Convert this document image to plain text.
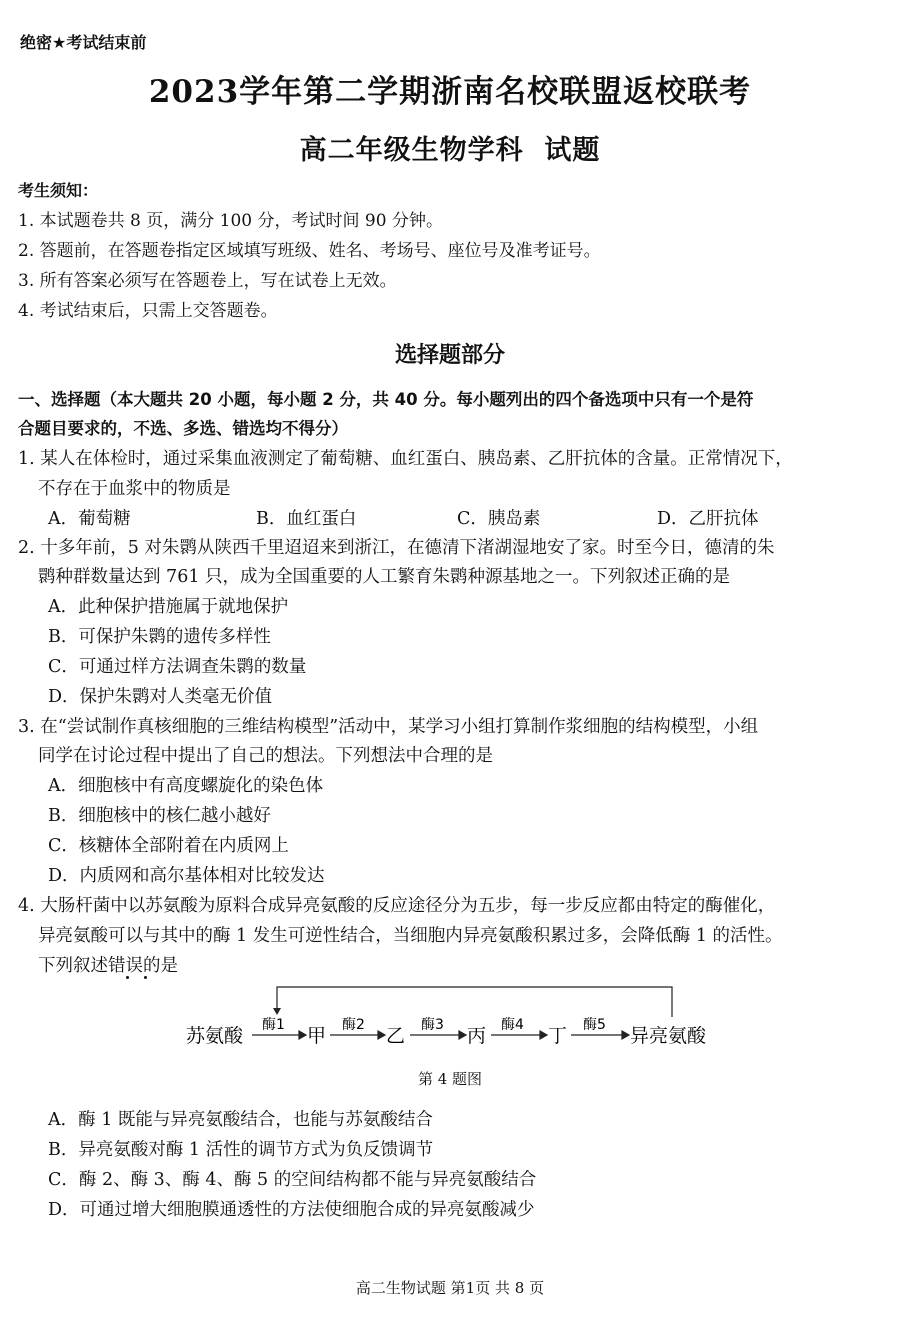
绝密★考试结束前
2023学年第二学期浙南名校联盟返校联考
高二年级生物学科  试题
考生须知：
1. 本试题卷共 8 页，满分 100 分，考试时间 90 分钟。
2. 答题前，在答题卷指定区域填写班级、姓名、考场号、座位号及准考证号。
3. 所有答案必须写在答题卷上，写在试卷上无效。
4. 考试结束后，只需上交答题卷。
选择题部分
一、选择题（本大题共 20 小题，每小题 2 分，共 40 分。每小题列出的四个备选项中只有一个是符
合题目要求的，不选、多选、错选均不得分）
1. 某人在体检时，通过采集血液测定了葡萄糖、血红蛋白、胰岛素、乙肝抗体的含量。正常情况下，
不存在于血浆中的物质是
A．葡萄糖	B．血红蛋白	C．胰岛素	D．乙肝抗体
2. 十多年前，5 对朱鹮从陕西千里迢迢来到浙江，在德清下渚湖湿地安了家。时至今日，德清的朱
鹮种群数量达到 761 只，成为全国重要的人工繁育朱鹮种源基地之一。下列叙述正确的是
A．此种保护措施属于就地保护
B．可保护朱鹮的遗传多样性
C．可通过样方法调查朱鹮的数量
D．保护朱鹮对人类毫无价值
3. 在“尝试制作真核细胞的三维结构模型”活动中，某学习小组打算制作浆细胞的结构模型，小组
同学在讨论过程中提出了自己的想法。下列想法中合理的是
A．细胞核中有高度螺旋化的染色体
B．细胞核中的核仁越小越好
C．核糖体全部附着在内质网上
D．内质网和高尔基体相对比较发达
4. 大肠杆菌中以苏氨酸为原料合成异亮氨酸的反应途径分为五步，每一步反应都由特定的酶催化，
异亮氨酸可以与其中的酶 1 发生可逆性结合，当细胞内异亮氨酸积累过多，会降低酶 1 的活性。
下列叙述错误的是
苏氨酸	甲	乙	丙	丁	异亮氨酸
酶1	酶2	酶3	酶4	酶5
第 4 题图
A．酶 1 既能与异亮氨酸结合，也能与苏氨酸结合
B．异亮氨酸对酶 1 活性的调节方式为负反馈调节
C．酶 2、酶 3、酶 4、酶 5 的空间结构都不能与异亮氨酸结合
D．可通过增大细胞膜通透性的方法使细胞合成的异亮氨酸减少
高二生物试题 第1页 共 8 页
